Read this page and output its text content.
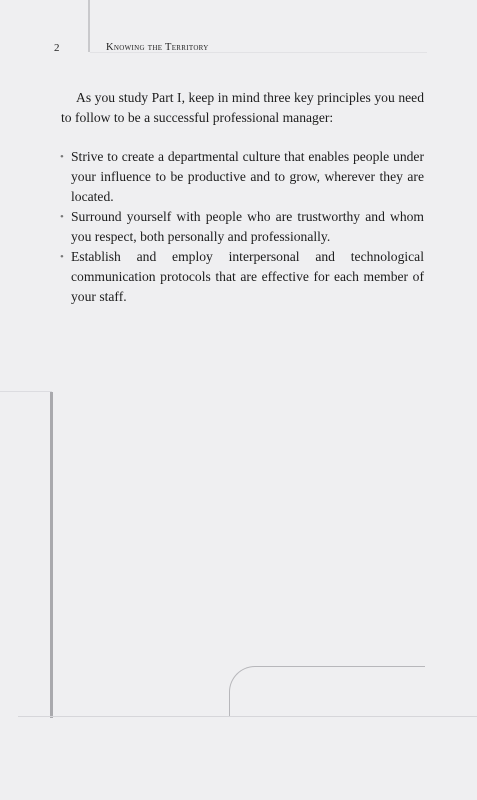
2	Knowing the Territory

As you study Part I, keep in mind three key principles you need to follow to be a successful professional manager:

• Strive to create a departmental culture that enables people under your influence to be productive and to grow, wherever they are located.
• Surround yourself with people who are trustworthy and whom you respect, both personally and professionally.
• Establish and employ interpersonal and technological communication protocols that are effective for each member of your staff.
